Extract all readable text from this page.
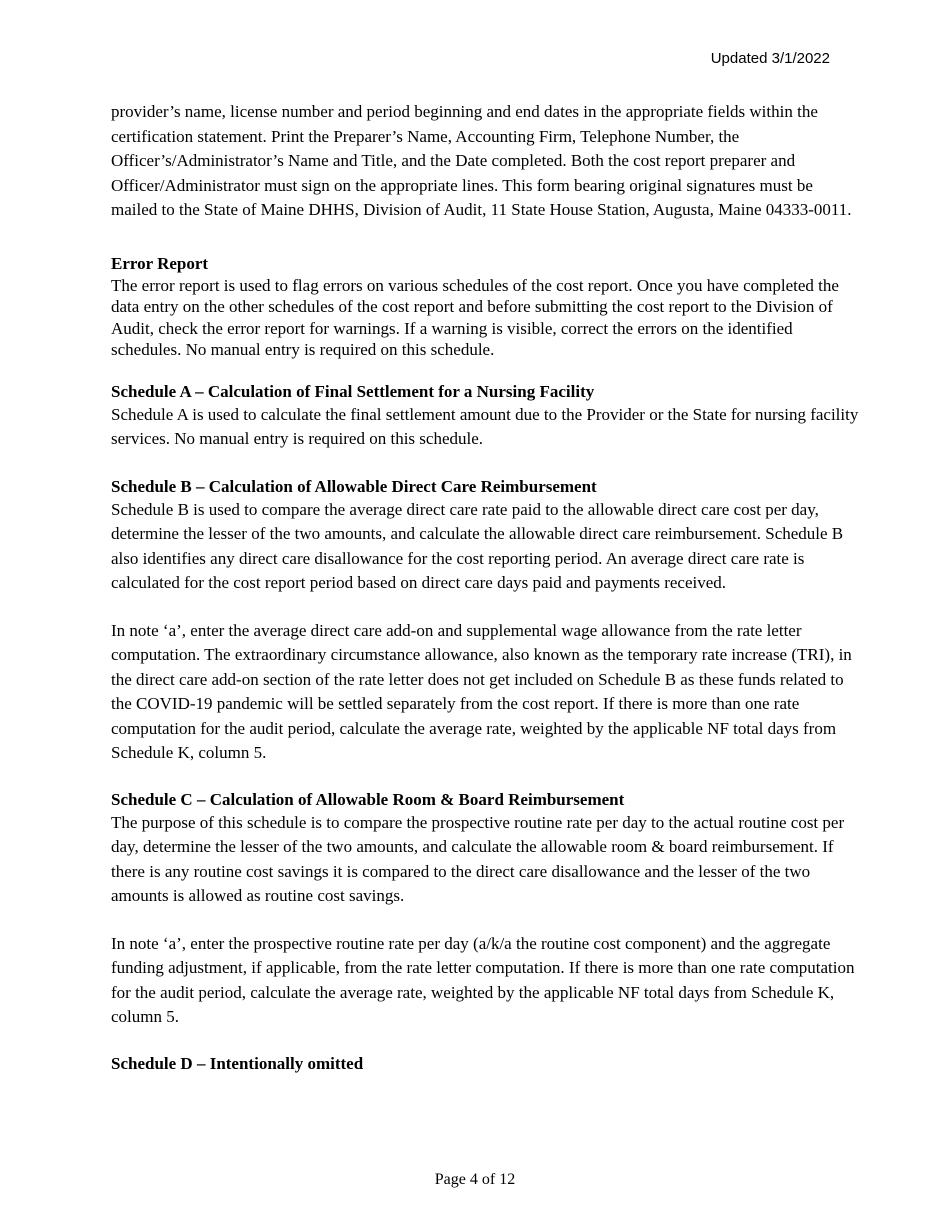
Updated 3/1/2022

provider’s name, license number and period beginning and end dates in the appropriate fields within the certification statement. Print the Preparer’s Name, Accounting Firm, Telephone Number, the Officer’s/Administrator’s Name and Title, and the Date completed. Both the cost report preparer and Officer/Administrator must sign on the appropriate lines. This form bearing original signatures must be mailed to the State of Maine DHHS, Division of Audit, 11 State House Station, Augusta, Maine 04333-0011.

Error Report

The error report is used to flag errors on various schedules of the cost report. Once you have completed the data entry on the other schedules of the cost report and before submitting the cost report to the Division of Audit, check the error report for warnings. If a warning is visible, correct the errors on the identified schedules. No manual entry is required on this schedule.

Schedule A – Calculation of Final Settlement for a Nursing Facility

Schedule A is used to calculate the final settlement amount due to the Provider or the State for nursing facility services. No manual entry is required on this schedule.

Schedule B – Calculation of Allowable Direct Care Reimbursement

Schedule B is used to compare the average direct care rate paid to the allowable direct care cost per day, determine the lesser of the two amounts, and calculate the allowable direct care reimbursement. Schedule B also identifies any direct care disallowance for the cost reporting period. An average direct care rate is calculated for the cost report period based on direct care days paid and payments received.

In note ‘a’, enter the average direct care add-on and supplemental wage allowance from the rate letter computation. The extraordinary circumstance allowance, also known as the temporary rate increase (TRI), in the direct care add-on section of the rate letter does not get included on Schedule B as these funds related to the COVID-19 pandemic will be settled separately from the cost report. If there is more than one rate computation for the audit period, calculate the average rate, weighted by the applicable NF total days from Schedule K, column 5.

Schedule C – Calculation of Allowable Room & Board Reimbursement

The purpose of this schedule is to compare the prospective routine rate per day to the actual routine cost per day, determine the lesser of the two amounts, and calculate the allowable room & board reimbursement. If there is any routine cost savings it is compared to the direct care disallowance and the lesser of the two amounts is allowed as routine cost savings.

In note ‘a’, enter the prospective routine rate per day (a/k/a the routine cost component) and the aggregate funding adjustment, if applicable, from the rate letter computation. If there is more than one rate computation for the audit period, calculate the average rate, weighted by the applicable NF total days from Schedule K, column 5.

Schedule D – Intentionally omitted

Page 4 of 12
